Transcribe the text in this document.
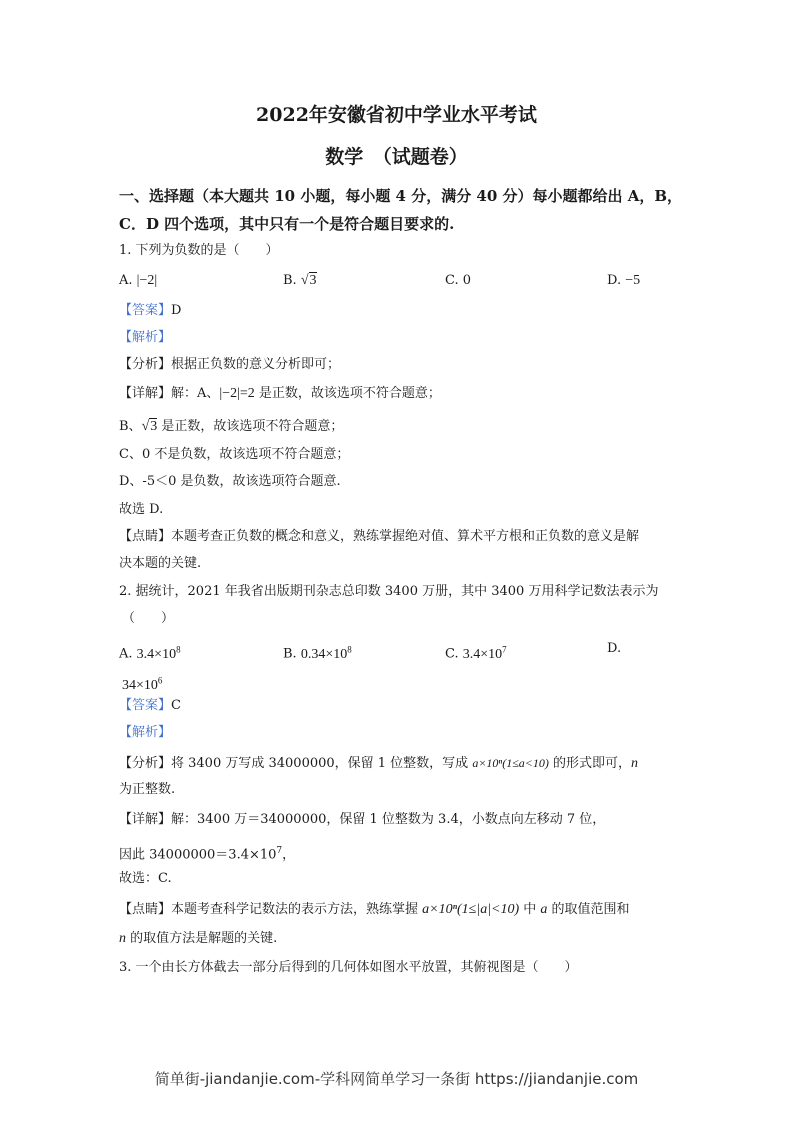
2022年安徽省初中学业水平考试
数学　（试题卷）
一、选择题（本大题共 10 小题，每小题 4 分，满分 40 分）每小题都给出 A，B，
C．D 四个选项，其中只有一个是符合题目要求的.
1. 下列为负数的是（　　）
A. |−2|	B. √3	C. 0	D. −5
【答案】D
【解析】
【分析】根据正负数的意义分析即可；
【详解】解：A、|−2|=2 是正数，故该选项不符合题意；
B、√3 是正数，故该选项不符合题意；
C、0 不是负数，故该选项不符合题意；
D、-5＜0 是负数，故该选项符合题意.
故选 D.
【点睛】本题考查正负数的概念和意义，熟练掌握绝对值、算术平方根和正负数的意义是解
决本题的关键.
2. 据统计，2021 年我省出版期刊杂志总印数 3400 万册，其中 3400 万用科学记数法表示为
（　　）
A. $3.4\times 10^8$	B. $0.34\times 10^8$	C. $3.4\times 10^7$	D.
$34\times 10^6$
【答案】C
【解析】
【分析】将 3400 万写成 34000000，保留 1 位整数，写成 a×10ⁿ(1≤a<10) 的形式即可，n
为正整数.
【详解】解：3400 万＝34000000，保留 1 位整数为 3.4，小数点向左移动 7 位，
因此 $34000000=3.4\times 10^7$，
故选：C.
【点睛】本题考查科学记数法的表示方法，熟练掌握 a×10ⁿ(1≤|a|<10) 中 a 的取值范围和
n 的取值方法是解题的关键.
3. 一个由长方体截去一部分后得到的几何体如图水平放置，其俯视图是（　　）
简单街-jiandanjie.com-学科网简单学习一条街 https://jiandanjie.com
